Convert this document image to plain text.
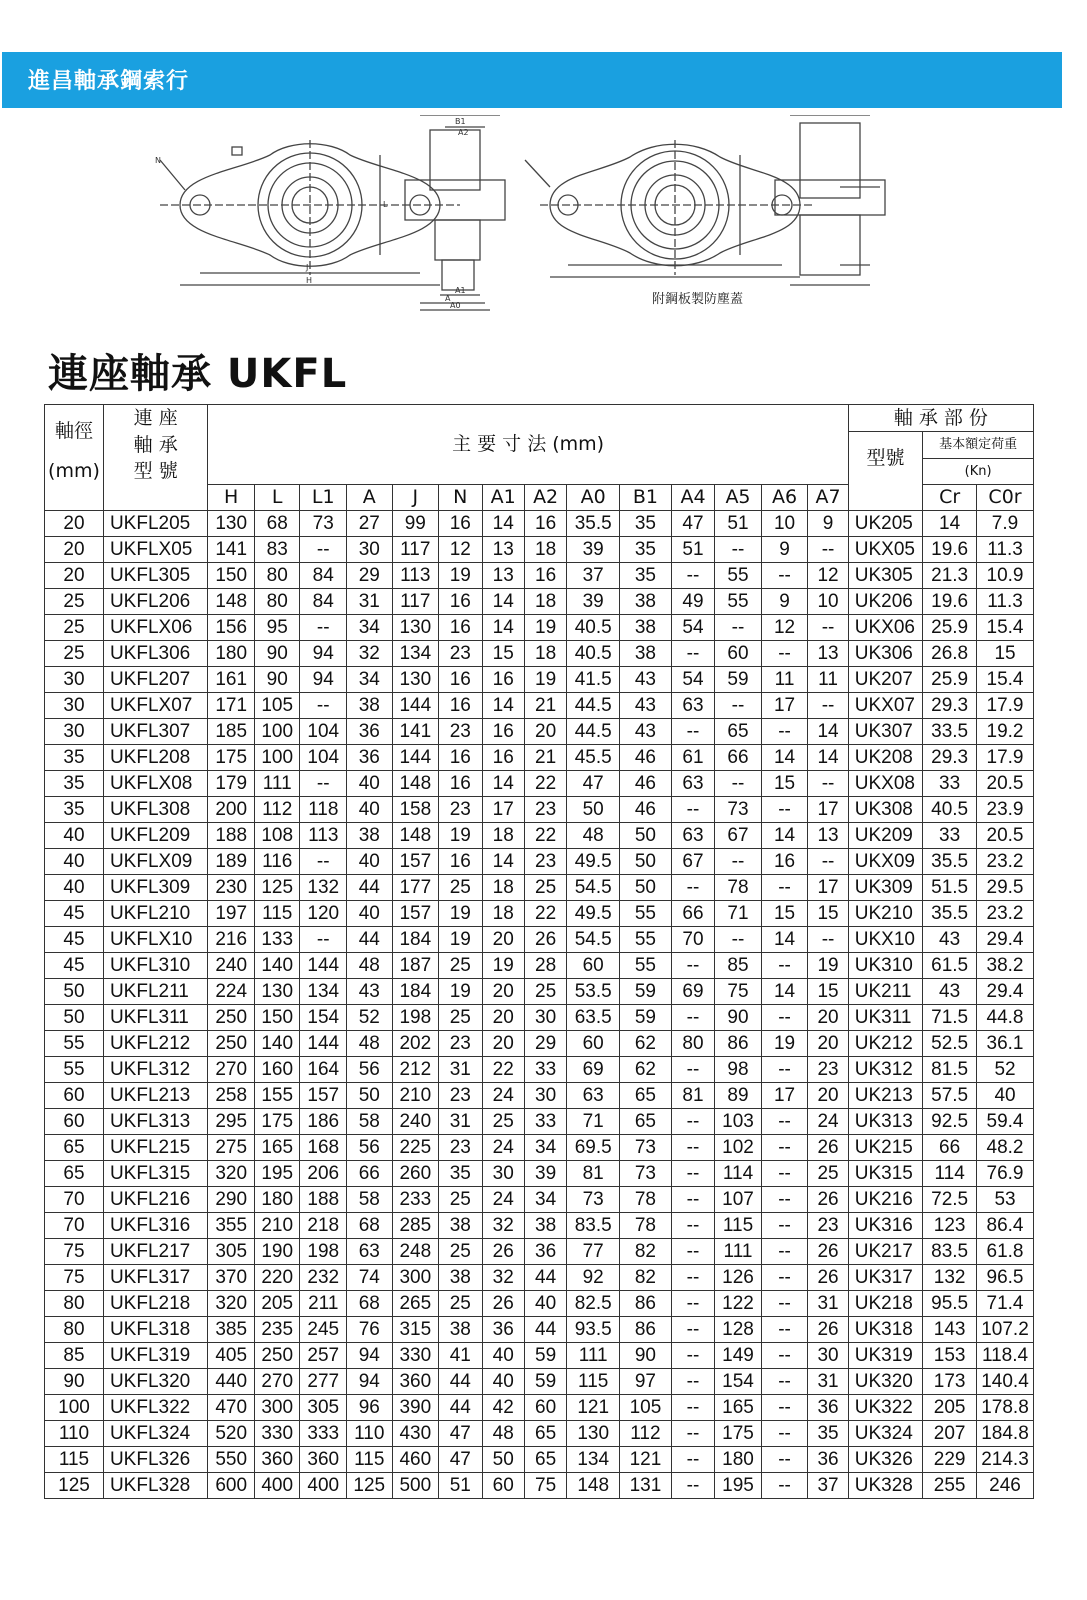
進昌軸承鋼索行
N
L
J
H
B1
A2
A1
A
A0	附鋼板製防塵蓋
連座軸承 UKFL
軸徑	連 座	主 要 寸 法 (mm)														軸 承 部 份		
	軸 承															型號	基本額定荷重	
(mm)	型 號																(Kn)	
		H	L	L1	A	J	N	A1	A2	A0	B1	A4	A5	A6	A7		Cr	C0r
20	UKFL205	130	68	73	27	99	16	14	16	35.5	35	47	51	10	9	UK205	14	7.9
20	UKFLX05	141	83	--	30	117	12	13	18	39	35	51	--	9	--	UKX05	19.6	11.3
20	UKFL305	150	80	84	29	113	19	13	16	37	35	--	55	--	12	UK305	21.3	10.9
25	UKFL206	148	80	84	31	117	16	14	18	39	38	49	55	9	10	UK206	19.6	11.3
25	UKFLX06	156	95	--	34	130	16	14	19	40.5	38	54	--	12	--	UKX06	25.9	15.4
25	UKFL306	180	90	94	32	134	23	15	18	40.5	38	--	60	--	13	UK306	26.8	15
30	UKFL207	161	90	94	34	130	16	16	19	41.5	43	54	59	11	11	UK207	25.9	15.4
30	UKFLX07	171	105	--	38	144	16	14	21	44.5	43	63	--	17	--	UKX07	29.3	17.9
30	UKFL307	185	100	104	36	141	23	16	20	44.5	43	--	65	--	14	UK307	33.5	19.2
35	UKFL208	175	100	104	36	144	16	16	21	45.5	46	61	66	14	14	UK208	29.3	17.9
35	UKFLX08	179	111	--	40	148	16	14	22	47	46	63	--	15	--	UKX08	33	20.5
35	UKFL308	200	112	118	40	158	23	17	23	50	46	--	73	--	17	UK308	40.5	23.9
40	UKFL209	188	108	113	38	148	19	18	22	48	50	63	67	14	13	UK209	33	20.5
40	UKFLX09	189	116	--	40	157	16	14	23	49.5	50	67	--	16	--	UKX09	35.5	23.2
40	UKFL309	230	125	132	44	177	25	18	25	54.5	50	--	78	--	17	UK309	51.5	29.5
45	UKFL210	197	115	120	40	157	19	18	22	49.5	55	66	71	15	15	UK210	35.5	23.2
45	UKFLX10	216	133	--	44	184	19	20	26	54.5	55	70	--	14	--	UKX10	43	29.4
45	UKFL310	240	140	144	48	187	25	19	28	60	55	--	85	--	19	UK310	61.5	38.2
50	UKFL211	224	130	134	43	184	19	20	25	53.5	59	69	75	14	15	UK211	43	29.4
50	UKFL311	250	150	154	52	198	25	20	30	63.5	59	--	90	--	20	UK311	71.5	44.8
55	UKFL212	250	140	144	48	202	23	20	29	60	62	80	86	19	20	UK212	52.5	36.1
55	UKFL312	270	160	164	56	212	31	22	33	69	62	--	98	--	23	UK312	81.5	52
60	UKFL213	258	155	157	50	210	23	24	30	63	65	81	89	17	20	UK213	57.5	40
60	UKFL313	295	175	186	58	240	31	25	33	71	65	--	103	--	24	UK313	92.5	59.4
65	UKFL215	275	165	168	56	225	23	24	34	69.5	73	--	102	--	26	UK215	66	48.2
65	UKFL315	320	195	206	66	260	35	30	39	81	73	--	114	--	25	UK315	114	76.9
70	UKFL216	290	180	188	58	233	25	24	34	73	78	--	107	--	26	UK216	72.5	53
70	UKFL316	355	210	218	68	285	38	32	38	83.5	78	--	115	--	23	UK316	123	86.4
75	UKFL217	305	190	198	63	248	25	26	36	77	82	--	111	--	26	UK217	83.5	61.8
75	UKFL317	370	220	232	74	300	38	32	44	92	82	--	126	--	26	UK317	132	96.5
80	UKFL218	320	205	211	68	265	25	26	40	82.5	86	--	122	--	31	UK218	95.5	71.4
80	UKFL318	385	235	245	76	315	38	36	44	93.5	86	--	128	--	26	UK318	143	107.2
85	UKFL319	405	250	257	94	330	41	40	59	111	90	--	149	--	30	UK319	153	118.4
90	UKFL320	440	270	277	94	360	44	40	59	115	97	--	154	--	31	UK320	173	140.4
100	UKFL322	470	300	305	96	390	44	42	60	121	105	--	165	--	36	UK322	205	178.8
110	UKFL324	520	330	333	110	430	47	48	65	130	112	--	175	--	35	UK324	207	184.8
115	UKFL326	550	360	360	115	460	47	50	65	134	121	--	180	--	36	UK326	229	214.3
125	UKFL328	600	400	400	125	500	51	60	75	148	131	--	195	--	37	UK328	255	246
